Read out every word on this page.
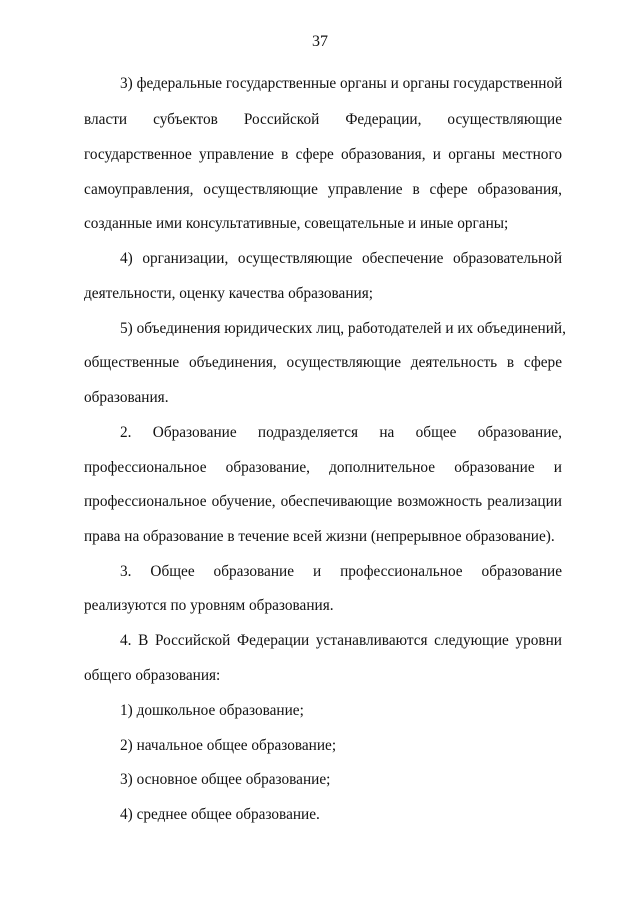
37
3) федеральные государственные органы и органы государственной
власти субъектов Российской Федерации, осуществляющие
государственное управление в сфере образования, и органы местного
самоуправления, осуществляющие управление в сфере образования,
созданные ими консультативные, совещательные и иные органы;
4) организации, осуществляющие обеспечение образовательной
деятельности, оценку качества образования;
5) объединения юридических лиц, работодателей и их объединений,
общественные объединения, осуществляющие деятельность в сфере
образования.
2. Образование подразделяется на общее образование,
профессиональное образование, дополнительное образование и
профессиональное обучение, обеспечивающие возможность реализации
права на образование в течение всей жизни (непрерывное образование).
3. Общее образование и профессиональное образование
реализуются по уровням образования.
4. В Российской Федерации устанавливаются следующие уровни
общего образования:
1) дошкольное образование;
2) начальное общее образование;
3) основное общее образование;
4) среднее общее образование.
